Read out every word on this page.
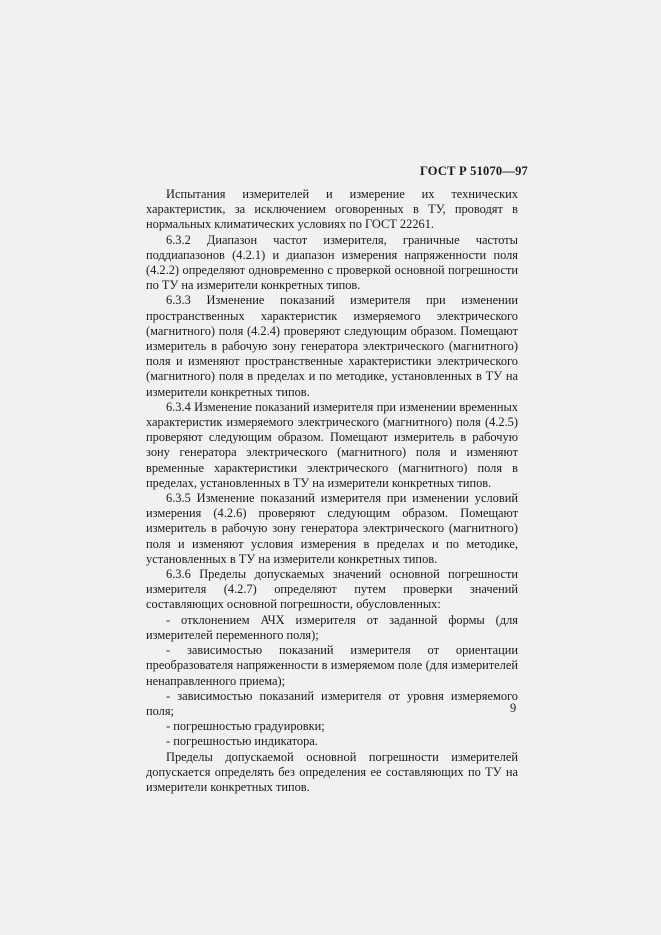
ГОСТ Р 51070—97

Испытания измерителей и измерение их технических характеристик, за исключением оговоренных в ТУ, проводят в нормальных климатических условиях по ГОСТ 22261.

6.3.2 Диапазон частот измерителя, граничные частоты поддиапазонов (4.2.1) и диапазон измерения напряженности поля (4.2.2) определяют одновременно с проверкой основной погрешности по ТУ на измерители конкретных типов.

6.3.3 Изменение показаний измерителя при изменении пространственных характеристик измеряемого электрического (магнитного) поля (4.2.4) проверяют следующим образом. Помещают измеритель в рабочую зону генератора электрического (магнитного) поля и изменяют пространственные характеристики электрического (магнитного) поля в пределах и по методике, установленных в ТУ на измерители конкретных типов.

6.3.4 Изменение показаний измерителя при изменении временных характеристик измеряемого электрического (магнитного) поля (4.2.5) проверяют следующим образом. Помещают измеритель в рабочую зону генератора электрического (магнитного) поля и изменяют временные характеристики электрического (магнитного) поля в пределах, установленных в ТУ на измерители конкретных типов.

6.3.5 Изменение показаний измерителя при изменении условий измерения (4.2.6) проверяют следующим образом. Помещают измеритель в рабочую зону генератора электрического (магнитного) поля и изменяют условия измерения в пределах и по методике, установленных в ТУ на измерители конкретных типов.

6.3.6 Пределы допускаемых значений основной погрешности измерителя (4.2.7) определяют путем проверки значений составляющих основной погрешности, обусловленных:

- отклонением АЧХ измерителя от заданной формы (для измерителей переменного поля);

- зависимостью показаний измерителя от ориентации преобразователя напряженности в измеряемом поле (для измерителей ненаправленного приема);

- зависимостью показаний измерителя от уровня измеряемого поля;

- погрешностью градуировки;

- погрешностью индикатора.

Пределы допускаемой основной погрешности измерителей допускается определять без определения ее составляющих по ТУ на измерители конкретных типов.

9
